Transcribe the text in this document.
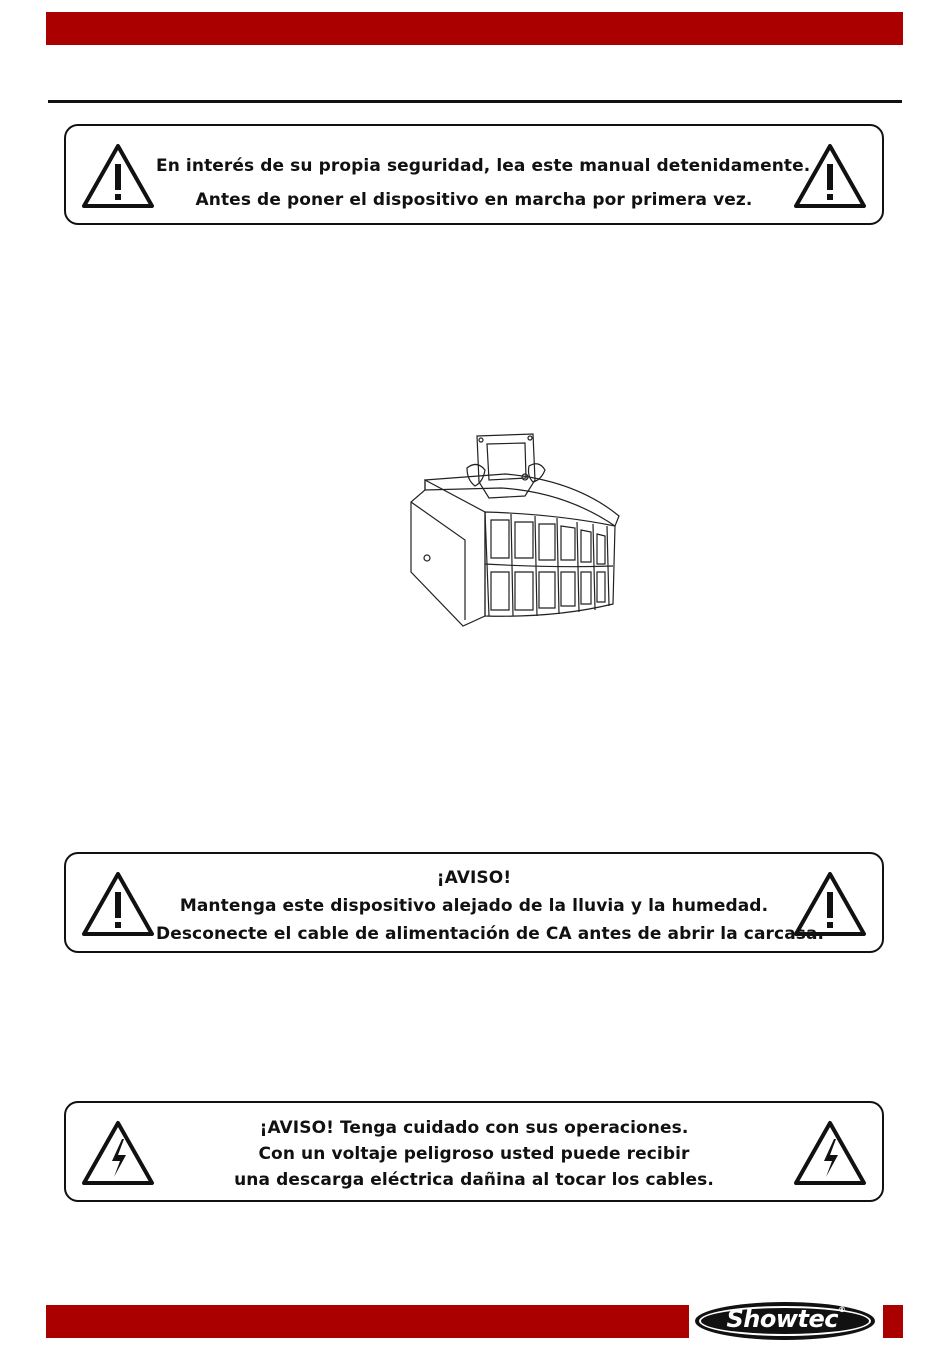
En interés de su propia seguridad, lea este manual detenidamente.
Antes de poner el dispositivo en marcha por primera vez.
¡AVISO!
Mantenga este dispositivo alejado de la lluvia y la humedad.
Desconecte el cable de alimentación de CA antes de abrir la carcasa.
¡AVISO! Tenga cuidado con sus operaciones.
Con un voltaje peligroso usted puede recibir
una descarga eléctrica dañina al tocar los cables.
Showtec®
